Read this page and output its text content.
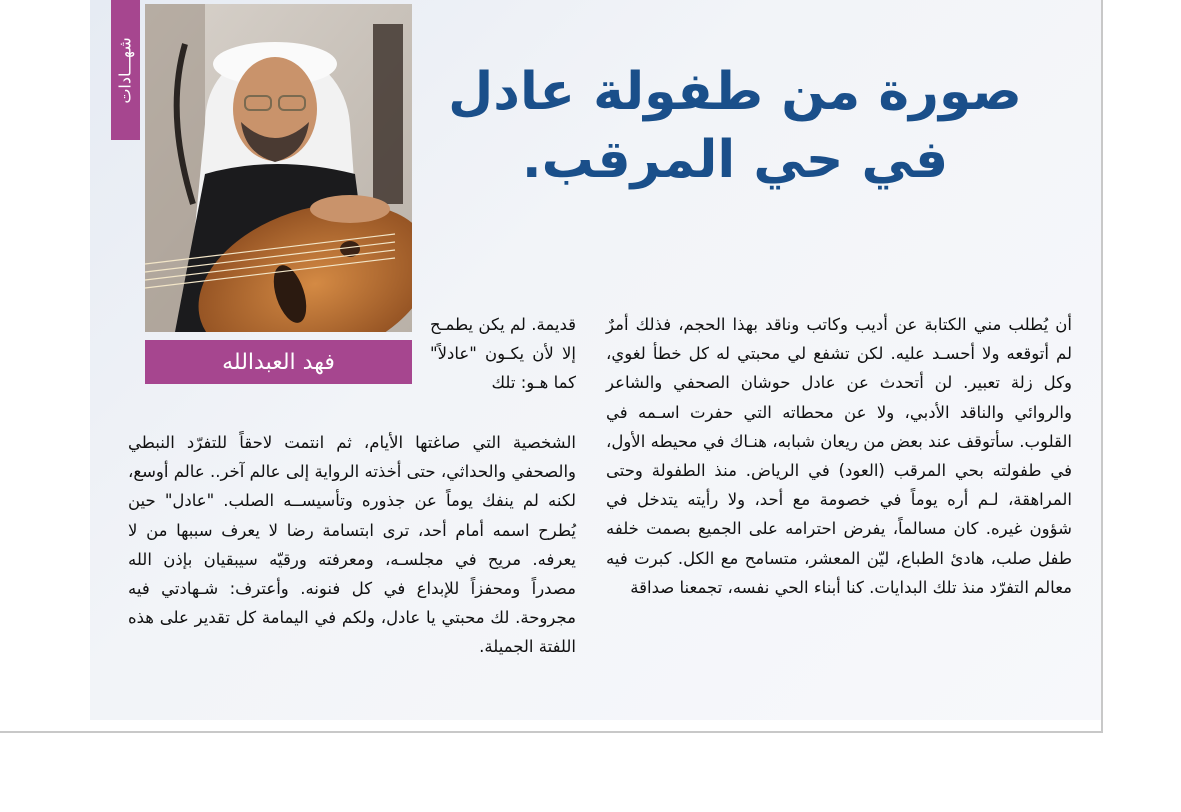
شهـــادات
فهد العبدالله
صورة من طفولة عادل
في حي المرقب.

أن يُطلب مني الكتابة عن أديب وكاتب وناقد بهذا الحجم، فذلك أمرٌ لم أتوقعه ولا أحسـد عليه. لكن تشفع لي محبتي له كل خطأ لغوي، وكل زلة تعبير. لن أتحدث عن عادل حوشان الصحفي والشاعر والروائي والناقد الأدبي، ولا عن محطاته التي حفرت اسـمه في القلوب. سأتوقف عند بعض من ريعان شبابه، هنـاك في محيطه الأول، في طفولته بحي المرقب (العود) في الرياض. منذ الطفولة وحتى المراهقة، لـم أره يوماً في خصومة مع أحد، ولا رأيته يتدخل في شؤون غيره. كان مسالماً، يفرض احترامه على الجميع بصمت خلفه طفل صلب، هادئ الطباع، ليّن المعشر، متسامح مع الكل. كبرت فيه معالم التفرّد منذ تلك البدايات. كنا أبناء الحي نفسه، تجمعنا صداقة

قديمة. لم يكن يطمـح إلا لأن يكـون "عادلاً" كما هـو: تلك

الشخصية التي صاغتها الأيام، ثم انتمت لاحقاً للتفرّد النبطي والصحفي والحداثي، حتى أخذته الرواية إلى عالم آخر.. عالم أوسع، لكنه لم ينفك يوماً عن جذوره وتأسيســه الصلب. "عادل" حين يُطرح اسمه أمام أحد، ترى ابتسامة رضا لا يعرف سببها من لا يعرفه. مريح في مجلسـه، ومعرفته ورقيّه سيبقيان بإذن الله مصدراً ومحفزاً للإبداع في كل فنونه. وأعترف: شـهادتي فيه مجروحة. لك محبتي يا عادل، ولكم في اليمامة كل تقدير على هذه اللفتة الجميلة.
